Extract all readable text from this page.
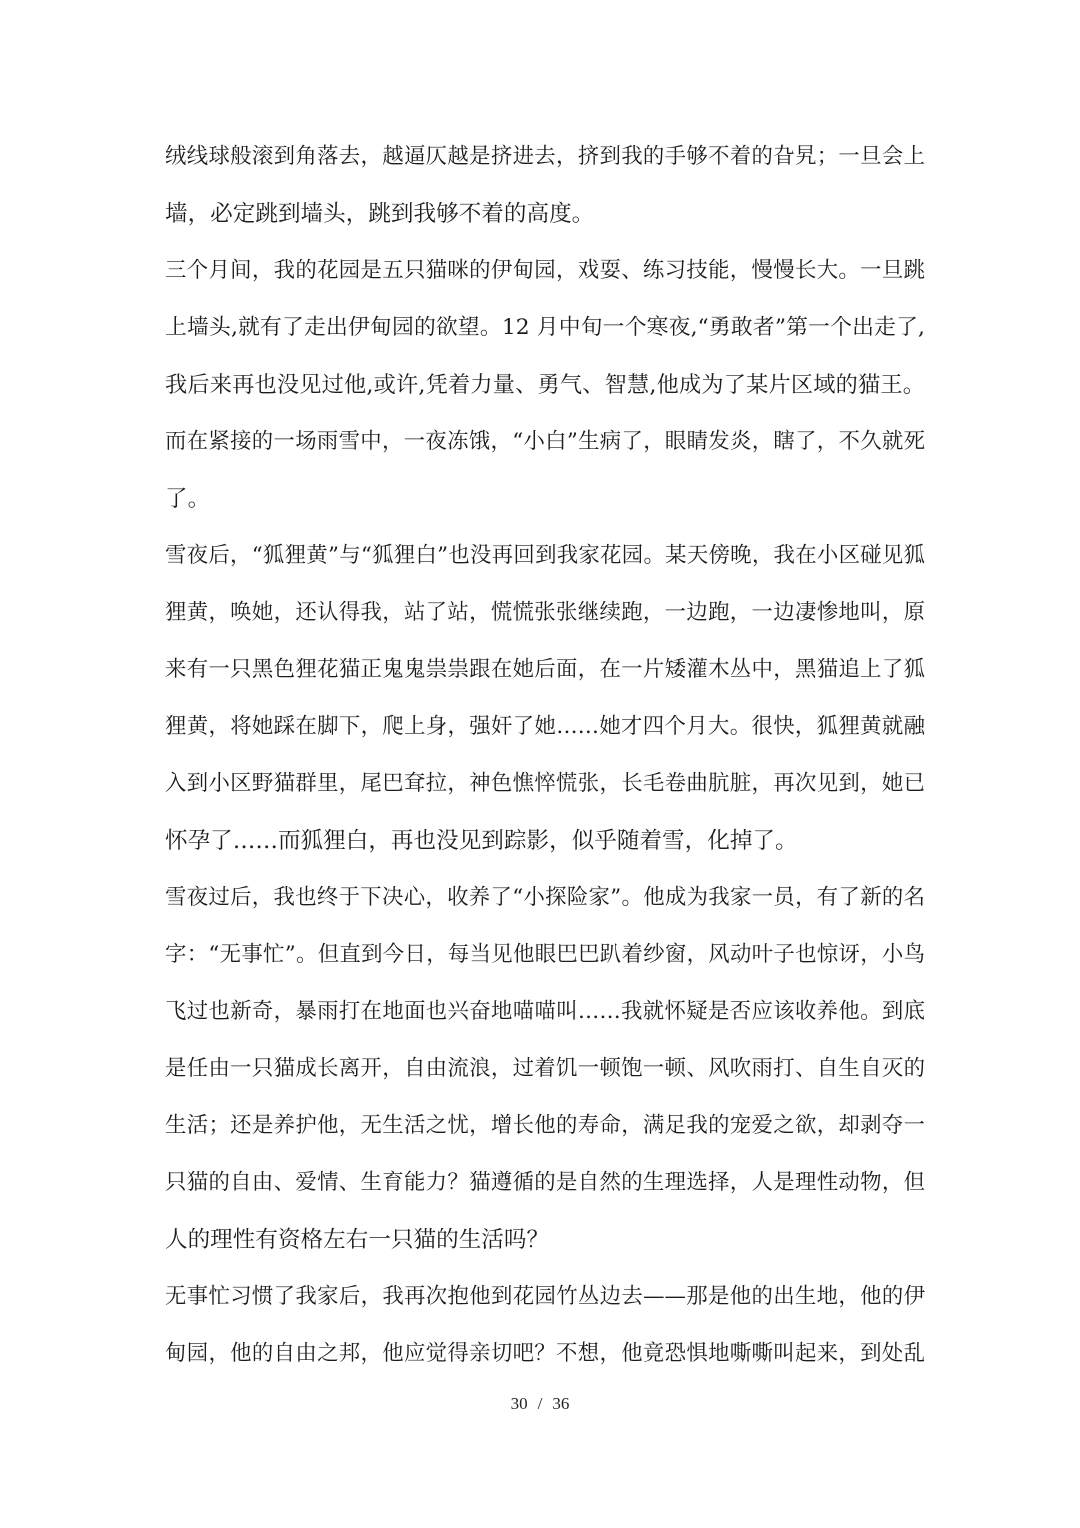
绒线球般滚到角落去，越逼仄越是挤进去，挤到我的手够不着的旮旯；一旦会上

墙，必定跳到墙头，跳到我够不着的高度。

三个月间，我的花园是五只猫咪的伊甸园，戏耍、练习技能，慢慢长大。一旦跳

上墙头,就有了走出伊甸园的欲望。12 月中旬一个寒夜,“勇敢者”第一个出走了,

我后来再也没见过他,或许,凭着力量、勇气、智慧,他成为了某片区域的猫王。

而在紧接的一场雨雪中，一夜冻饿，“小白”生病了，眼睛发炎，瞎了，不久就死

了。

雪夜后，“狐狸黄”与“狐狸白”也没再回到我家花园。某天傍晚，我在小区碰见狐

狸黄，唤她，还认得我，站了站，慌慌张张继续跑，一边跑，一边凄惨地叫，原

来有一只黑色狸花猫正鬼鬼祟祟跟在她后面，在一片矮灌木丛中，黑猫追上了狐

狸黄，将她踩在脚下，爬上身，强奸了她……她才四个月大。很快，狐狸黄就融

入到小区野猫群里，尾巴耷拉，神色憔悴慌张，长毛卷曲肮脏，再次见到，她已

怀孕了……而狐狸白，再也没见到踪影，似乎随着雪，化掉了。

雪夜过后，我也终于下决心，收养了“小探险家”。他成为我家一员，有了新的名

字：“无事忙”。但直到今日，每当见他眼巴巴趴着纱窗，风动叶子也惊讶，小鸟

飞过也新奇，暴雨打在地面也兴奋地喵喵叫……我就怀疑是否应该收养他。到底

是任由一只猫成长离开，自由流浪，过着饥一顿饱一顿、风吹雨打、自生自灭的

生活；还是养护他，无生活之忧，增长他的寿命，满足我的宠爱之欲，却剥夺一

只猫的自由、爱情、生育能力？猫遵循的是自然的生理选择，人是理性动物，但

人的理性有资格左右一只猫的生活吗？

无事忙习惯了我家后，我再次抱他到花园竹丛边去——那是他的出生地，他的伊

甸园，他的自由之邦，他应觉得亲切吧？不想，他竟恐惧地嘶嘶叫起来，到处乱

30 / 36
